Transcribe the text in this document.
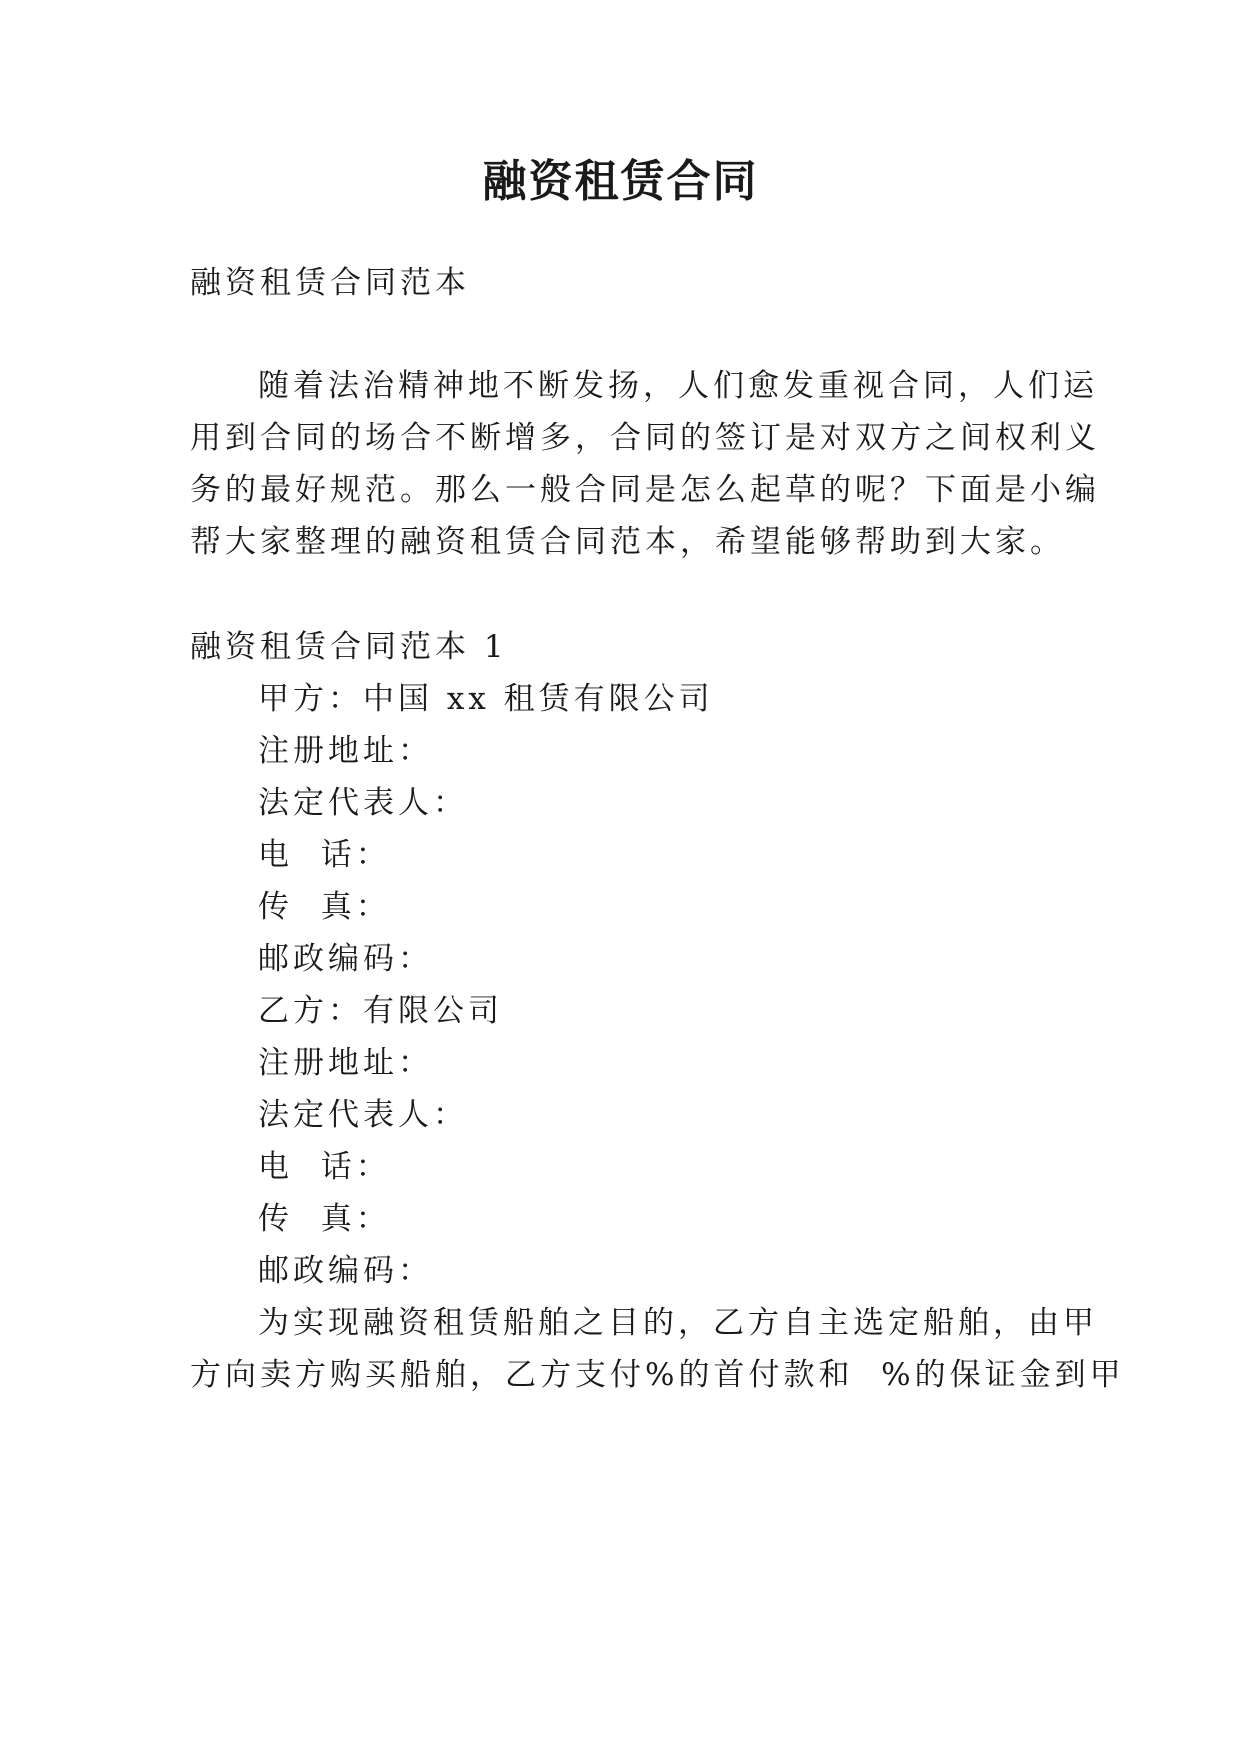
融资租赁合同
融资租赁合同范本
随着法治精神地不断发扬，人们愈发重视合同，人们运
用到合同的场合不断增多，合同的签订是对双方之间权利义
务的最好规范。那么一般合同是怎么起草的呢？下面是小编
帮大家整理的融资租赁合同范本，希望能够帮助到大家。
融资租赁合同范本 1
甲方：中国 xx 租赁有限公司
注册地址：
法定代表人：
电  话：
传  真：
邮政编码：
乙方：有限公司
注册地址：
法定代表人：
电  话：
传  真：
邮政编码：
为实现融资租赁船舶之目的，乙方自主选定船舶，由甲
方向卖方购买船舶，乙方支付%的首付款和  %的保证金到甲
